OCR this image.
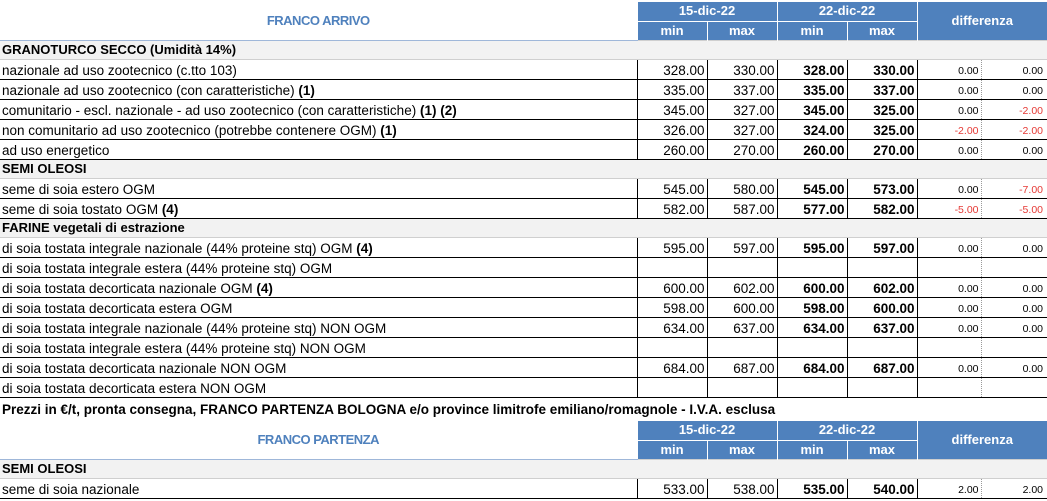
FRANCO ARRIVO	15-dic-22		22-dic-22		differenza	
	min	max	min	max		
GRANOTURCO SECCO (Umidità 14%)						
nazionale ad uso zootecnico (c.tto 103)	328.00	330.00	328.00	330.00	0.00	0.00
nazionale ad uso zootecnico (con caratteristiche) (1)	335.00	337.00	335.00	337.00	0.00	0.00
comunitario - escl. nazionale - ad uso zootecnico (con caratteristiche) (1) (2)	345.00	327.00	345.00	325.00	0.00	-2.00
non comunitario ad uso zootecnico (potrebbe contenere OGM) (1)	326.00	327.00	324.00	325.00	-2.00	-2.00
ad uso energetico	260.00	270.00	260.00	270.00	0.00	0.00
SEMI OLEOSI						
seme di soia estero OGM	545.00	580.00	545.00	573.00	0.00	-7.00
seme di soia tostato OGM (4)	582.00	587.00	577.00	582.00	-5.00	-5.00
FARINE vegetali di estrazione						
di soia tostata integrale nazionale (44% proteine stq) OGM (4)	595.00	597.00	595.00	597.00	0.00	0.00
di soia tostata integrale estera (44% proteine stq) OGM						
di soia tostata decorticata nazionale OGM (4)	600.00	602.00	600.00	602.00	0.00	0.00
di soia tostata decorticata estera OGM	598.00	600.00	598.00	600.00	0.00	0.00
di soia tostata integrale nazionale (44% proteine stq) NON OGM	634.00	637.00	634.00	637.00	0.00	0.00
di soia tostata integrale estera (44% proteine stq) NON OGM						
di soia tostata decorticata nazionale NON OGM	684.00	687.00	684.00	687.00	0.00	0.00
di soia tostata decorticata estera NON OGM						
Prezzi in €/t, pronta consegna, FRANCO PARTENZA BOLOGNA e/o province limitrofe emiliano/romagnole - I.V.A. esclusa
FRANCO PARTENZA	15-dic-22		22-dic-22		differenza	
	min	max	min	max		
SEMI OLEOSI						
seme di soia nazionale	533.00	538.00	535.00	540.00	2.00	2.00
